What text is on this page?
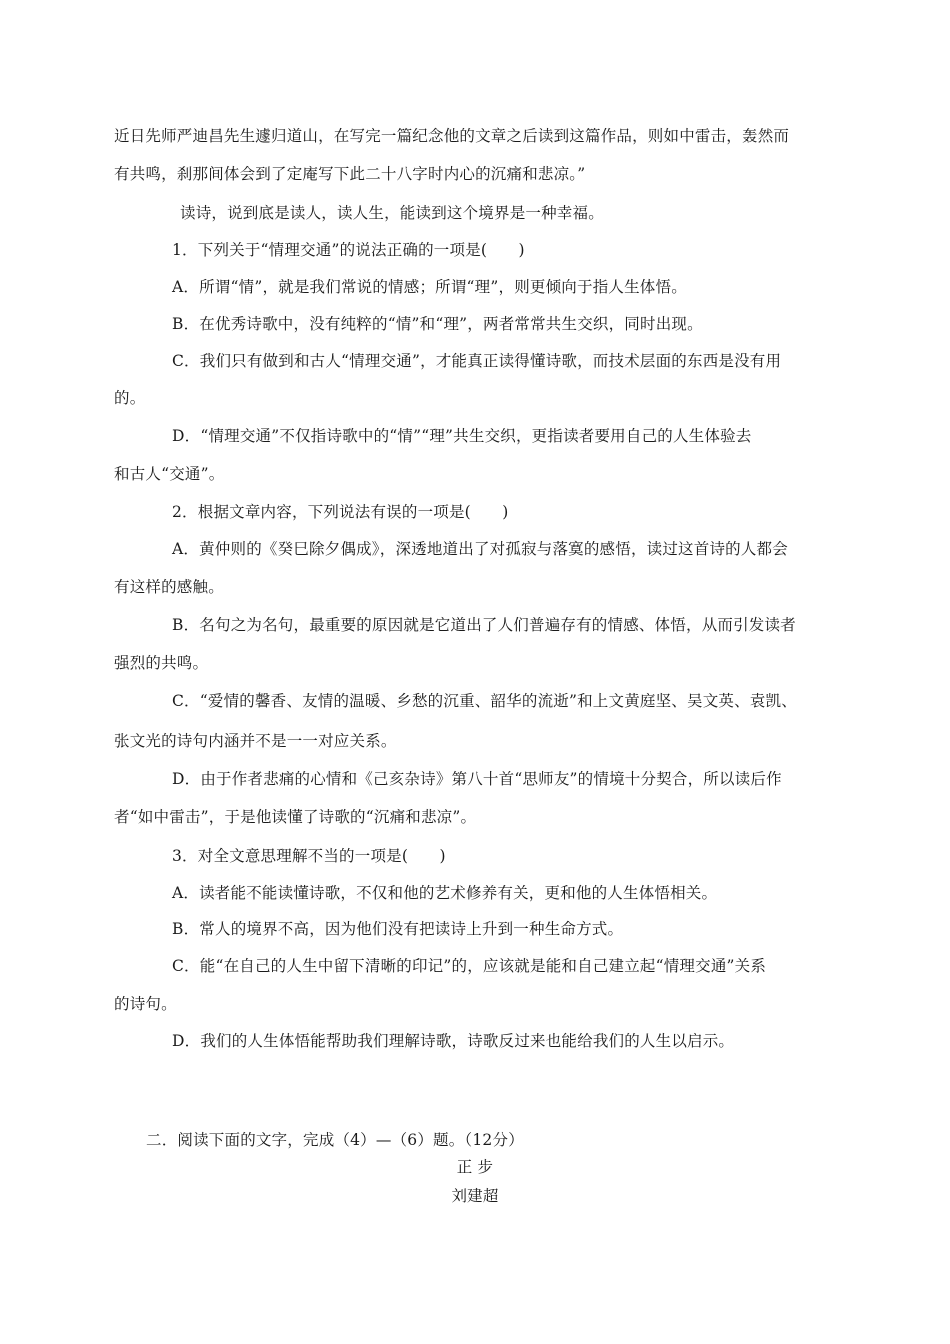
近日先师严迪昌先生遽归道山，在写完一篇纪念他的文章之后读到这篇作品，则如中雷击，轰然而
有共鸣，刹那间体会到了定庵写下此二十八字时内心的沉痛和悲凉。”
读诗，说到底是读人，读人生，能读到这个境界是一种幸福。
1．下列关于“情理交通”的说法正确的一项是(　　)
A．所谓“情”，就是我们常说的情感；所谓“理”，则更倾向于指人生体悟。
B．在优秀诗歌中，没有纯粹的“情”和“理”，两者常常共生交织，同时出现。
C．我们只有做到和古人“情理交通”，才能真正读得懂诗歌，而技术层面的东西是没有用
的。
D．“情理交通”不仅指诗歌中的“情”“理”共生交织，更指读者要用自己的人生体验去
和古人“交通”。
2．根据文章内容，下列说法有误的一项是(　　)
A．黄仲则的《癸巳除夕偶成》，深透地道出了对孤寂与落寞的感悟，读过这首诗的人都会
有这样的感触。
B．名句之为名句，最重要的原因就是它道出了人们普遍存有的情感、体悟，从而引发读者
强烈的共鸣。
C．“爱情的馨香、友情的温暖、乡愁的沉重、韶华的流逝”和上文黄庭坚、吴文英、袁凯、
张文光的诗句内涵并不是一一对应关系。
D．由于作者悲痛的心情和《己亥杂诗》第八十首“思师友”的情境十分契合，所以读后作
者“如中雷击”，于是他读懂了诗歌的“沉痛和悲凉”。
3．对全文意思理解不当的一项是(　　)
A．读者能不能读懂诗歌，不仅和他的艺术修养有关，更和他的人生体悟相关。
B．常人的境界不高，因为他们没有把读诗上升到一种生命方式。
C．能“在自己的人生中留下清晰的印记”的，应该就是能和自己建立起“情理交通”关系
的诗句。
D．我们的人生体悟能帮助我们理解诗歌，诗歌反过来也能给我们的人生以启示。
二．阅读下面的文字，完成（4）—（6）题。（12分）
正 步
刘建超
